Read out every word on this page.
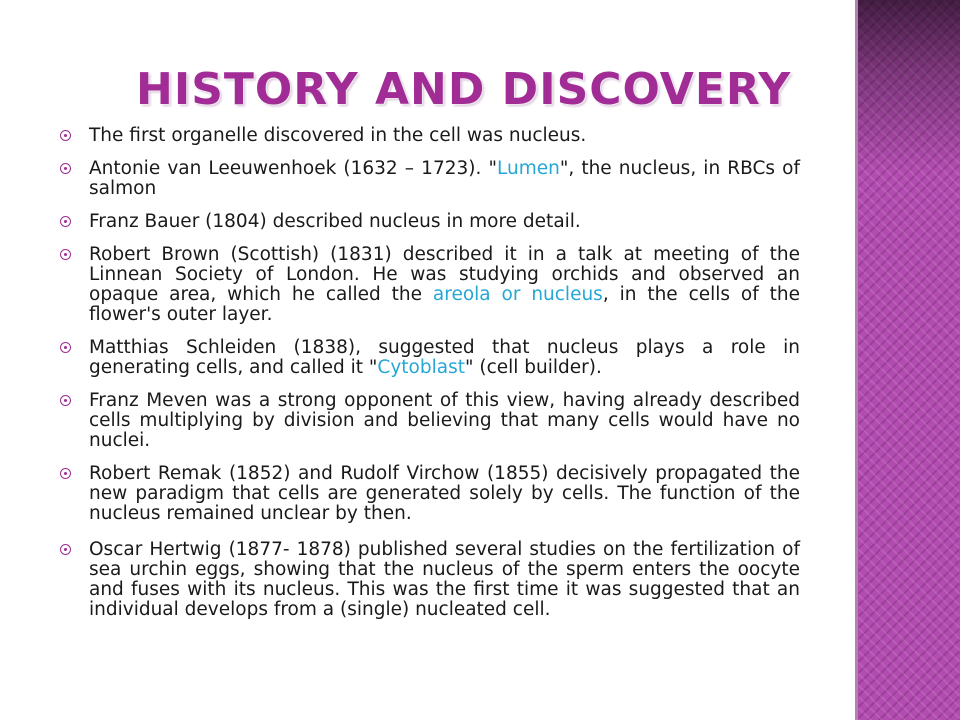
HISTORY AND DISCOVERY
The first organelle discovered in the cell was nucleus.
Antonie van Leeuwenhoek (1632 – 1723). "Lumen", the nucleus, in RBCs of salmon
Franz Bauer (1804) described nucleus in more detail.
Robert Brown (Scottish) (1831) described it in a talk at meeting of the Linnean Society of London. He was studying orchids and observed an opaque area, which he called the areola or nucleus, in the cells of the flower's outer layer.
Matthias Schleiden (1838), suggested that nucleus plays a role in generating cells, and called it "Cytoblast" (cell builder).
Franz Meven was a strong opponent of this view, having already described cells multiplying by division and believing that many cells would have no nuclei.
Robert Remak (1852) and Rudolf Virchow (1855) decisively propagated the new paradigm that cells are generated solely by cells. The function of the nucleus remained unclear by then.
Oscar Hertwig (1877- 1878) published several studies on the fertilization of sea urchin eggs, showing that the nucleus of the sperm enters the oocyte and fuses with its nucleus. This was the first time it was suggested that an individual develops from a (single) nucleated cell.
